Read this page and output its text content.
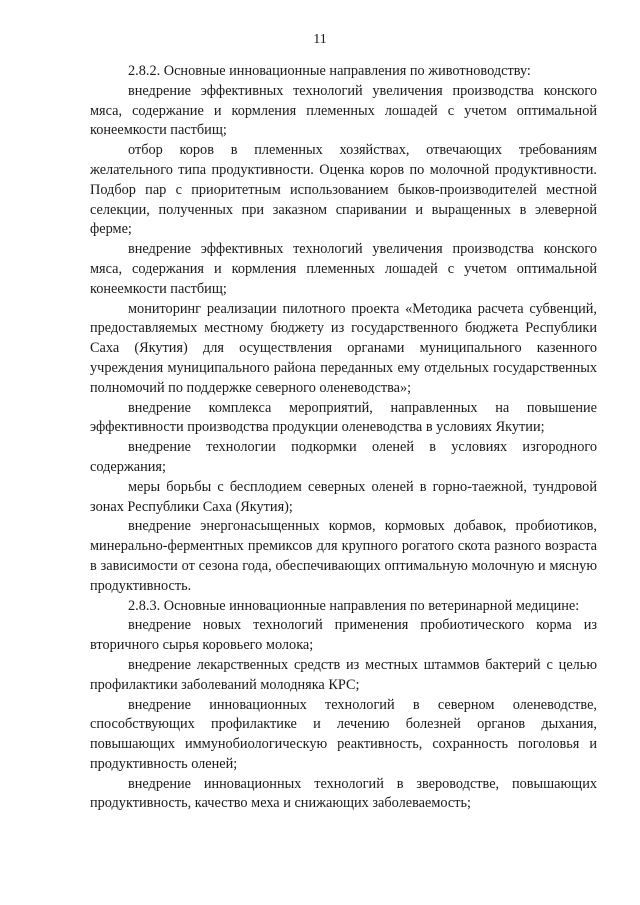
11

2.8.2. Основные инновационные направления по животноводству:

внедрение эффективных технологий увеличения производства конского мяса, содержание и кормления племенных лошадей с учетом оптимальной конеемкости пастбищ;

отбор коров в племенных хозяйствах, отвечающих требованиям желательного типа продуктивности. Оценка коров по молочной продуктивности. Подбор пар с приоритетным использованием быков-производителей местной селекции, полученных при заказном спаривании и выращенных в элеверной ферме;

внедрение эффективных технологий увеличения производства конского мяса, содержания и кормления племенных лошадей с учетом оптимальной конеемкости пастбищ;

мониторинг реализации пилотного проекта «Методика расчета субвенций, предоставляемых местному бюджету из государственного бюджета Республики Саха (Якутия) для осуществления органами муниципального казенного учреждения муниципального района переданных ему отдельных государственных полномочий по поддержке северного оленеводства»;

внедрение комплекса мероприятий, направленных на повышение эффективности производства продукции оленеводства в условиях Якутии;

внедрение технологии подкормки оленей в условиях изгородного содержания;

меры борьбы с бесплодием северных оленей в горно-таежной, тундровой зонах Республики Саха (Якутия);

внедрение энергонасыщенных кормов, кормовых добавок, пробиотиков, минерально-ферментных премиксов для крупного рогатого скота разного возраста в зависимости от сезона года, обеспечивающих оптимальную молочную и мясную продуктивность.

2.8.3. Основные инновационные направления по ветеринарной медицине:

внедрение новых технологий применения пробиотического корма из вторичного сырья коровьего молока;

внедрение лекарственных средств из местных штаммов бактерий с целью профилактики заболеваний молодняка КРС;

внедрение инновационных технологий в северном оленеводстве, способствующих профилактике и лечению болезней органов дыхания, повышающих иммунобиологическую реактивность, сохранность поголовья и продуктивность оленей;

внедрение инновационных технологий в звероводстве, повышающих продуктивность, качество меха и снижающих заболеваемость;
